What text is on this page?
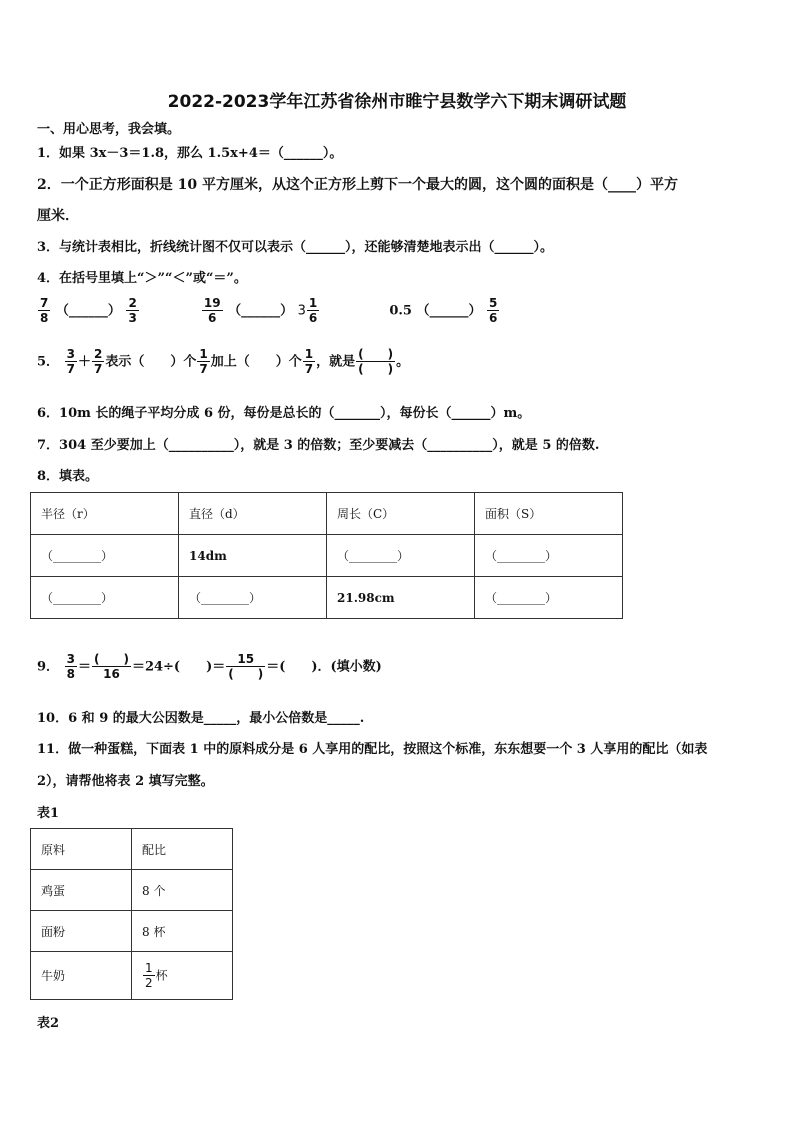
2022-2023学年江苏省徐州市睢宁县数学六下期末调研试题
一、用心思考，我会填。
1．如果 3x－3＝1.8，那么 1.5x+4＝（______）。
2．一个正方形面积是 10 平方厘米，从这个正方形上剪下一个最大的圆，这个圆的面积是（____）平方
厘米．
3．与统计表相比，折线统计图不仅可以表示（______），还能够清楚地表示出（______）。
4．在括号里填上“＞”“＜”或“＝”。
$\frac{7}{8}$ （______） $\frac{2}{3}$
	$\frac{19}{6}$ （______） $3 \frac{1}{6}$	0.5 （______） $\frac{5}{6}$
5． $\frac{3}{7} + \frac{2}{7}$ 表示（　　）个 $\frac{1}{7}$ 加上（　　）个 $\frac{1}{7}$ ，就是 $\frac{( )}{( )}$ 。
6．10m 长的绳子平均分成 6 份，每份是总长的（_______），每份长（______）m。
7．304 至少要加上（__________），就是 3 的倍数；至少要减去（__________），就是 5 的倍数.
8．填表。
半径（r）	直径（d）	周长（C）	面积（S）
（________）	14dm	（________）	（________）
（________）	（________）	21.98cm	（________）
9． $\frac{3}{8} = \frac{( )}{16} =24\div$(　　)＝ $\frac{15}{( )}$ ＝(　　)．(填小数)
10．6 和 9 的最大公因数是_____，最小公倍数是_____.
11．做一种蛋糕，下面表 1 中的原料成分是 6 人享用的配比，按照这个标准，东东想要一个 3 人享用的配比（如表
2），请帮他将表 2 填写完整。
表1
原料	配比
鸡蛋	8 个
面粉	8 杯
牛奶	$\frac{1}{2}$ 杯
表2
